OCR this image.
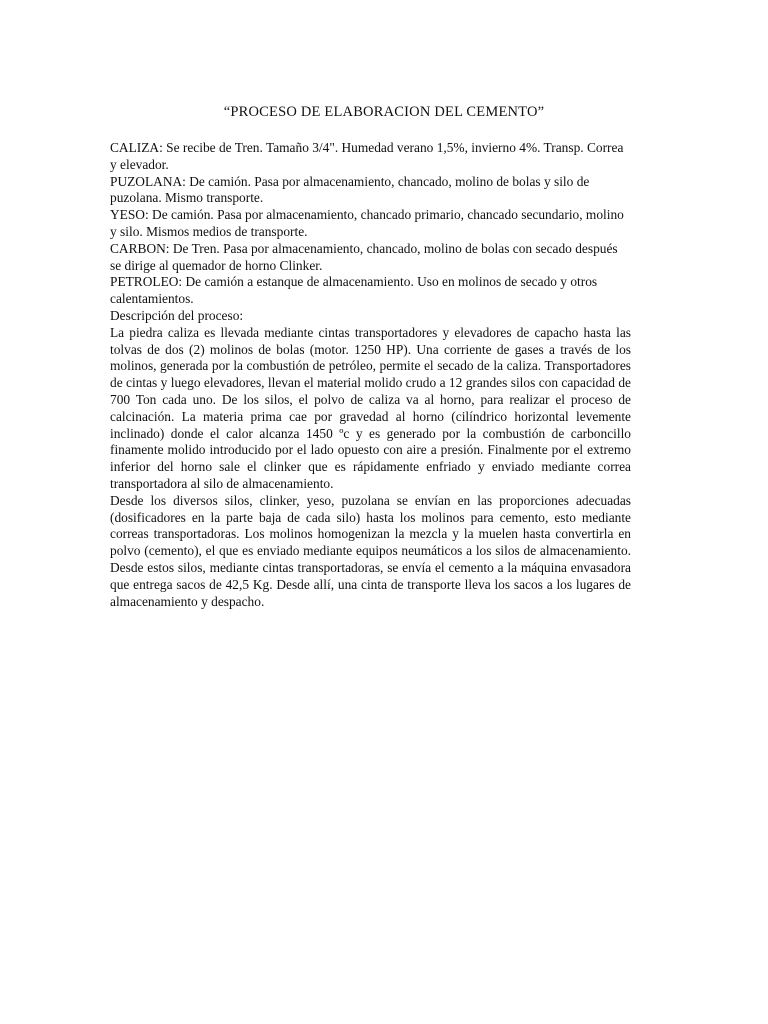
“PROCESO DE ELABORACION DEL CEMENTO”

CALIZA: Se recibe de Tren. Tamaño 3/4". Humedad verano 1,5%, invierno 4%. Transp. Correa y elevador.

PUZOLANA: De camión. Pasa por almacenamiento, chancado, molino de bolas y silo de puzolana. Mismo transporte.

YESO: De camión. Pasa por almacenamiento, chancado primario, chancado secundario, molino y silo. Mismos medios de transporte.

CARBON: De Tren. Pasa por almacenamiento, chancado, molino de bolas con secado después se dirige al quemador de horno Clinker.

PETROLEO: De camión a estanque de almacenamiento. Uso en molinos de secado y otros calentamientos.

Descripción del proceso:

La piedra caliza es llevada mediante cintas transportadores y elevadores de capacho hasta las tolvas de dos (2) molinos de bolas (motor. 1250 HP). Una corriente de gases a través de los molinos, generada por la combustión de petróleo, permite el secado de la caliza. Transportadores de cintas y luego elevadores, llevan el material molido crudo a 12 grandes silos con capacidad de 700 Ton cada uno. De los silos, el polvo de caliza va al horno, para realizar el proceso de calcinación. La materia prima cae por gravedad al horno (cilíndrico horizontal levemente inclinado) donde el calor alcanza 1450 ºc y es generado por la combustión de carboncillo finamente molido introducido por el lado opuesto con aire a presión. Finalmente por el extremo inferior del horno sale el clinker que es rápidamente enfriado y enviado mediante correa transportadora al silo de almacenamiento.

Desde los diversos silos, clinker, yeso, puzolana se envían en las proporciones adecuadas (dosificadores en la parte baja de cada silo) hasta los molinos para cemento, esto mediante correas transportadoras. Los molinos homogenizan la mezcla y la muelen hasta convertirla en polvo (cemento), el que es enviado mediante equipos neumáticos a los silos de almacenamiento. Desde estos silos, mediante cintas transportadoras, se envía el cemento a la máquina envasadora que entrega sacos de 42,5 Kg. Desde allí, una cinta de transporte lleva los sacos a los lugares de almacenamiento y despacho.
